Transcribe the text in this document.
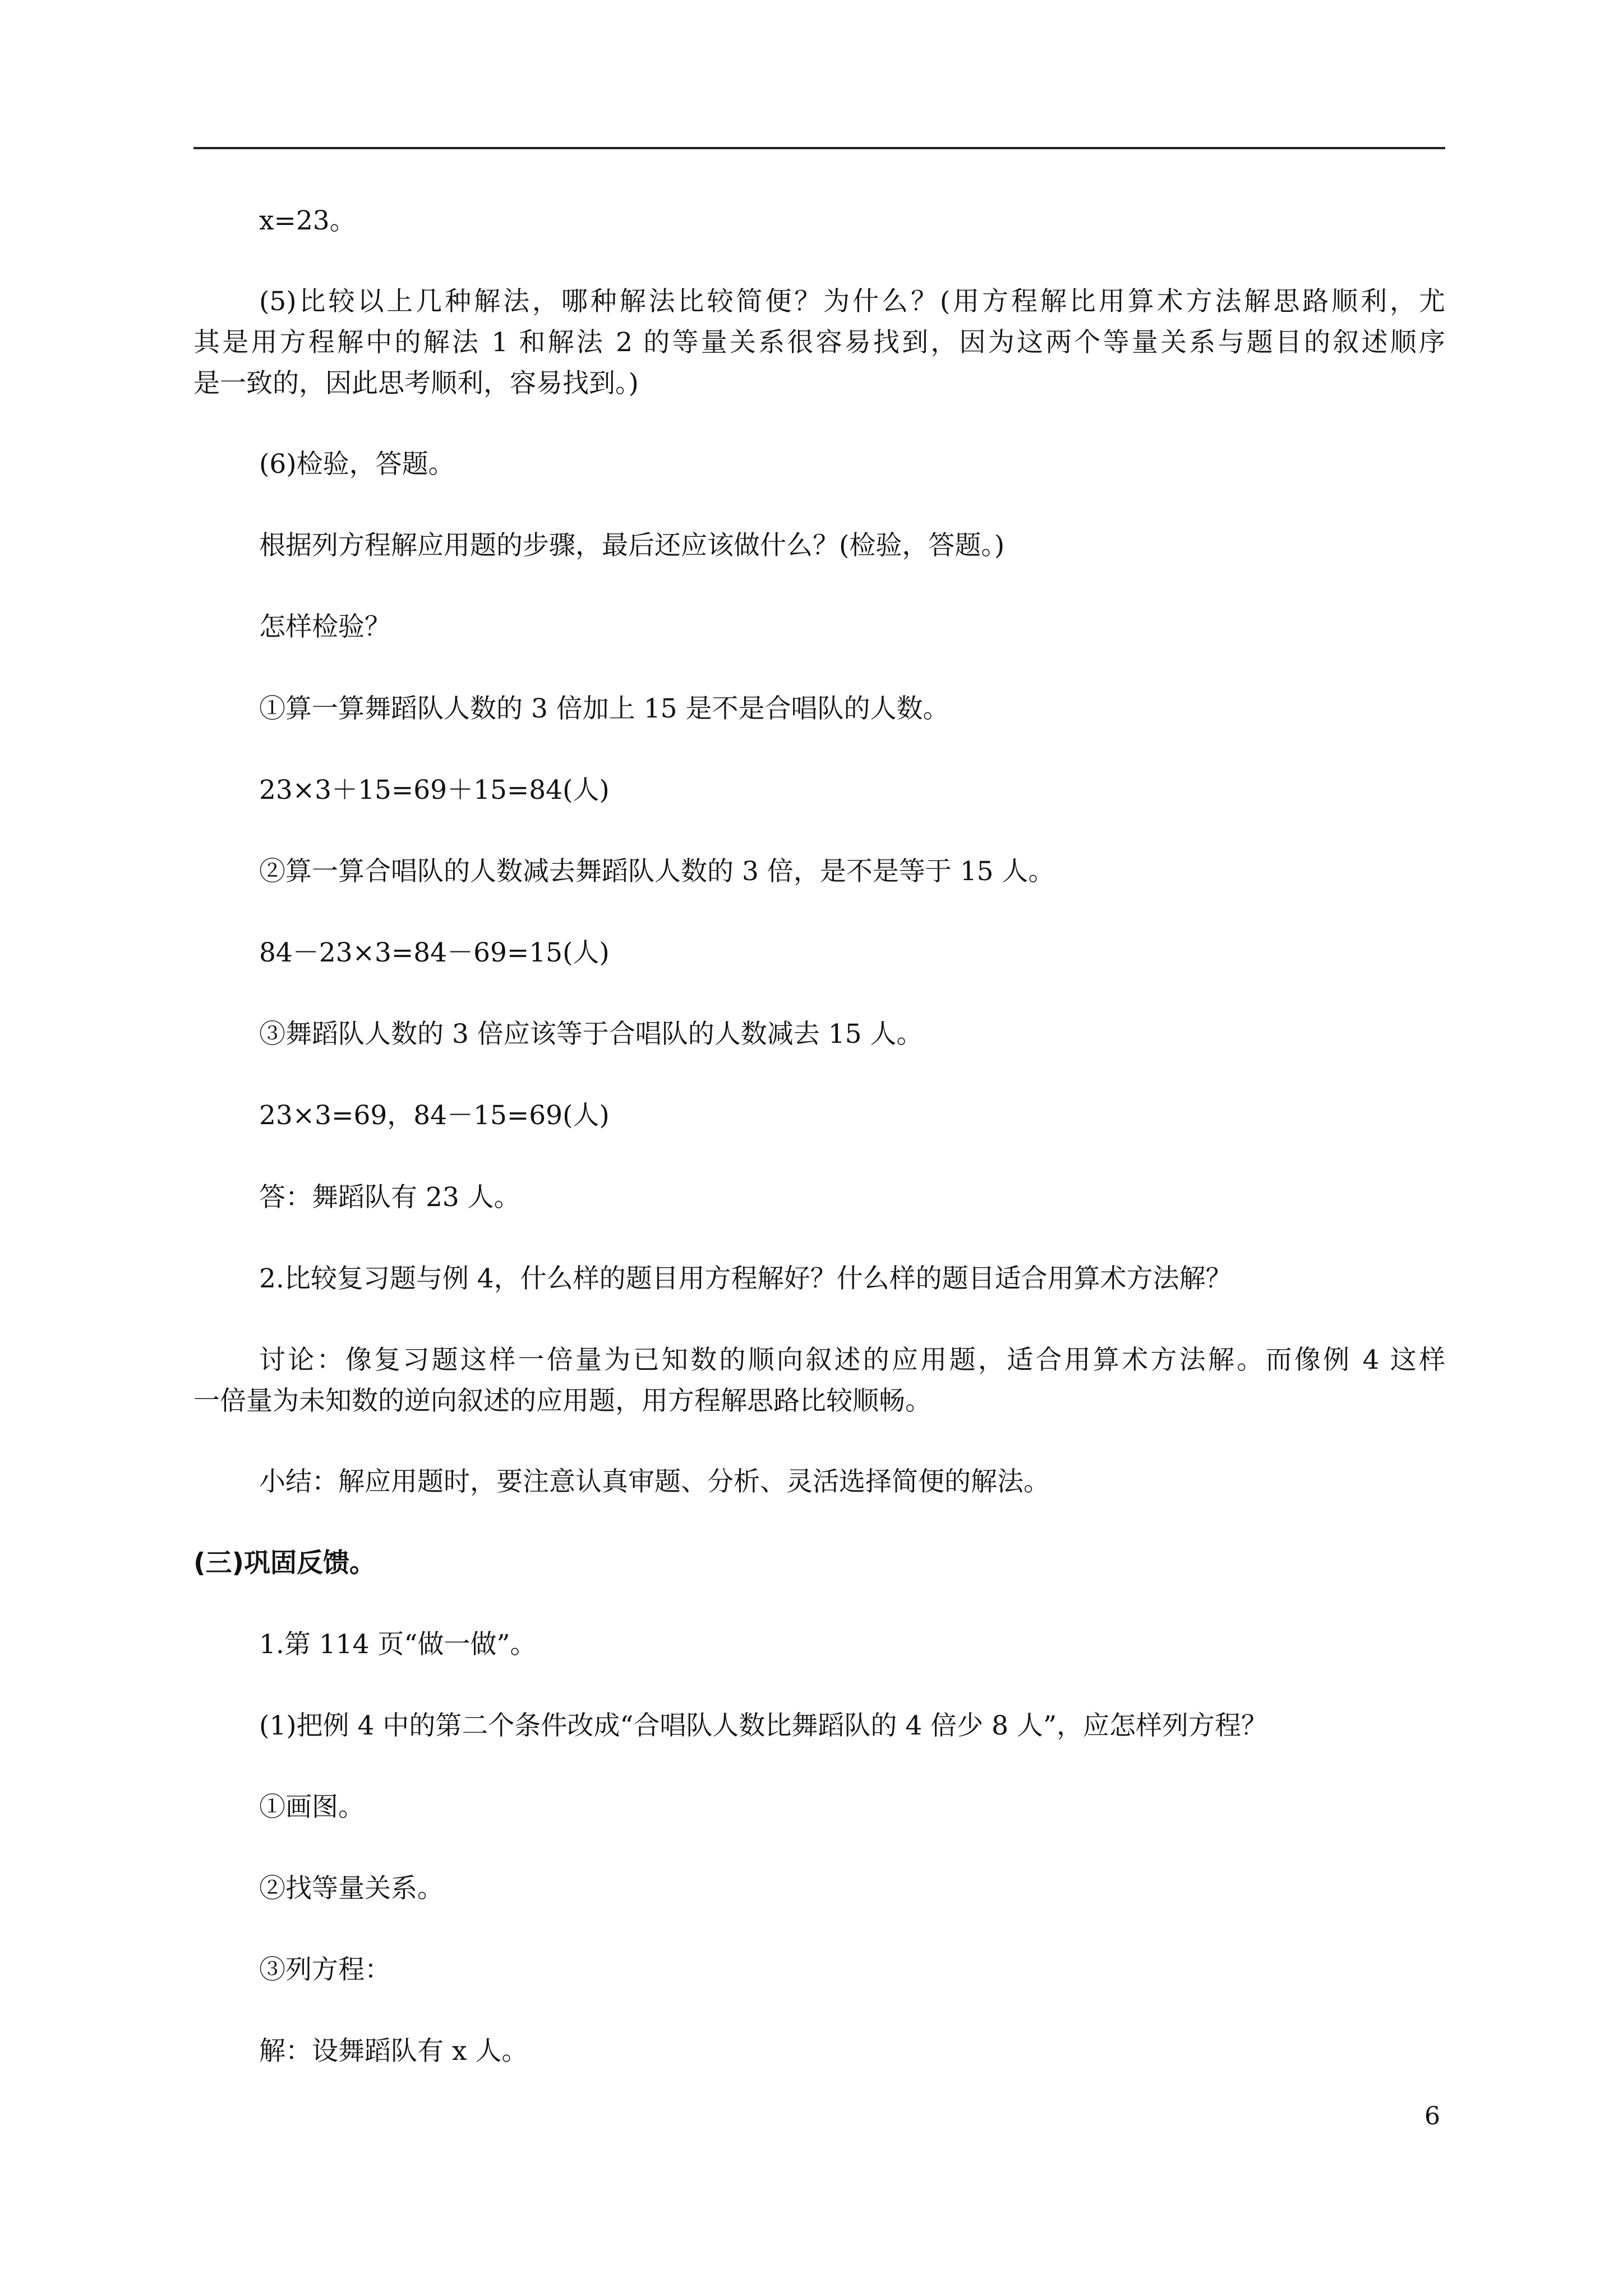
x=23。
(5)比较以上几种解法，哪种解法比较简便？为什么？(用方程解比用算术方法解思路顺利，尤
其是用方程解中的解法 1 和解法 2 的等量关系很容易找到，因为这两个等量关系与题目的叙述顺序
是一致的，因此思考顺利，容易找到。)
(6)检验，答题。
根据列方程解应用题的步骤，最后还应该做什么？(检验，答题。)
怎样检验？
①算一算舞蹈队人数的 3 倍加上 15 是不是合唱队的人数。
23×3＋15=69＋15=84(人)
②算一算合唱队的人数减去舞蹈队人数的 3 倍，是不是等于 15 人。
84－23×3=84－69=15(人)
③舞蹈队人数的 3 倍应该等于合唱队的人数减去 15 人。
23×3=69，84－15=69(人)
答：舞蹈队有 23 人。
2.比较复习题与例 4，什么样的题目用方程解好？什么样的题目适合用算术方法解？
讨论：像复习题这样一倍量为已知数的顺向叙述的应用题，适合用算术方法解。而像例 4 这样
一倍量为未知数的逆向叙述的应用题，用方程解思路比较顺畅。
小结：解应用题时，要注意认真审题、分析、灵活选择简便的解法。
(三)巩固反馈。
1.第 114 页“做一做”。
(1)把例 4 中的第二个条件改成“合唱队人数比舞蹈队的 4 倍少 8 人”，应怎样列方程？
①画图。
②找等量关系。
③列方程：
解：设舞蹈队有 x 人。
6
